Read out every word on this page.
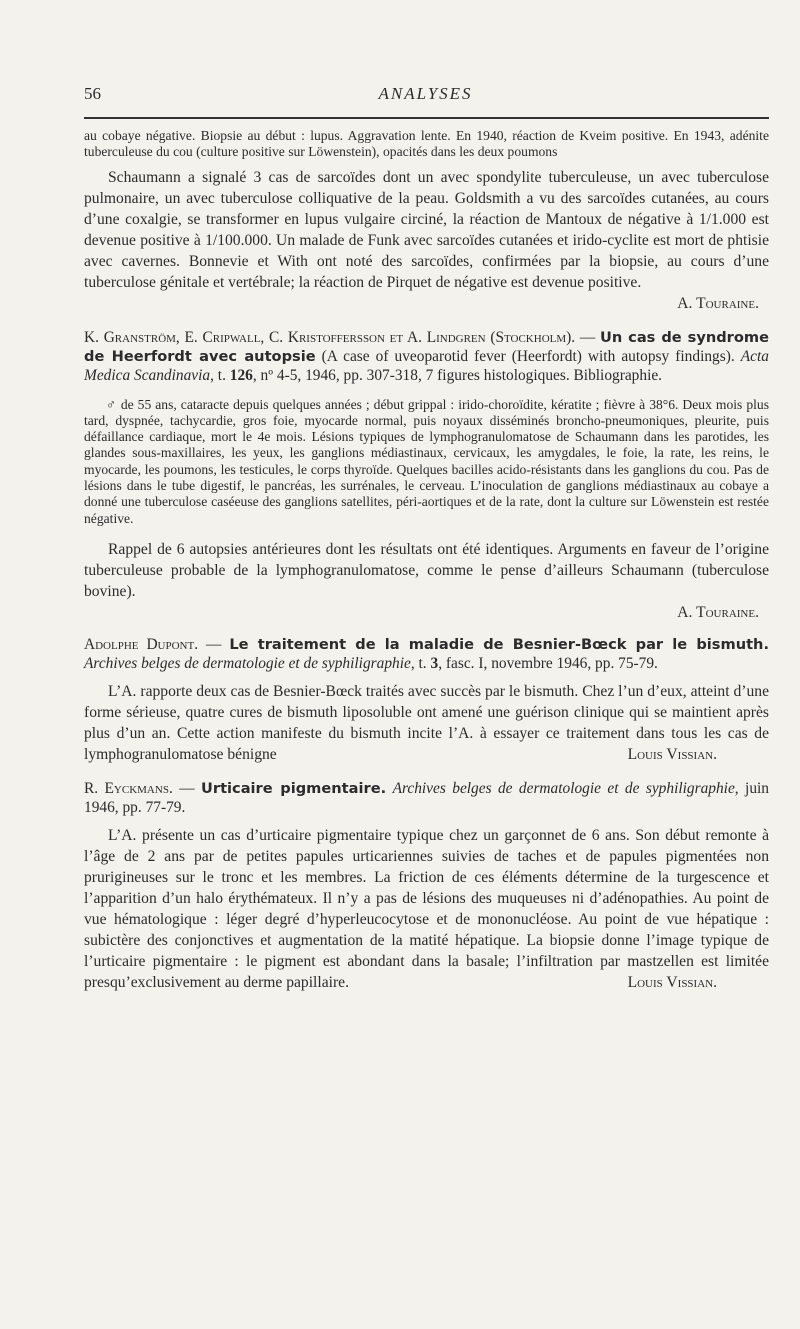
56	ANALYSES

au cobaye négative. Biopsie au début : lupus. Aggravation lente. En 1940, réaction de Kveim positive. En 1943, adénite tuberculeuse du cou (culture positive sur Löwenstein), opacités dans les deux poumons

Schaumann a signalé 3 cas de sarcoïdes dont un avec spondylite tuberculeuse, un avec tuberculose pulmonaire, un avec tuberculose colliquative de la peau. Goldsmith a vu des sarcoïdes cutanées, au cours d’une coxalgie, se transformer en lupus vulgaire circiné, la réaction de Mantoux de négative à 1/1.000 est devenue positive à 1/100.000. Un malade de Funk avec sarcoïdes cutanées et irido-cyclite est mort de phtisie avec cavernes. Bonnevie et With ont noté des sarcoïdes, confirmées par la biopsie, au cours d’une tuberculose génitale et vertébrale; la réaction de Pirquet de négative est devenue positive.

A. Touraine.

K. Granström, E. Cripwall, C. Kristoffersson et A. Lindgren (Stockholm). — Un cas de syndrome de Heerfordt avec autopsie (A case of uveoparotid fever (Heerfordt) with autopsy findings). Acta Medica Scandinavia, t. 126, nº 4-5, 1946, pp. 307-318, 7 figures histologiques. Bibliographie.

♂ de 55 ans, cataracte depuis quelques années ; début grippal : irido-choroïdite, kératite ; fièvre à 38°6. Deux mois plus tard, dyspnée, tachycardie, gros foie, myocarde normal, puis noyaux disséminés broncho-pneumoniques, pleurite, puis défaillance cardiaque, mort le 4e mois. Lésions typiques de lymphogranulomatose de Schaumann dans les parotides, les glandes sous-maxillaires, les yeux, les ganglions médiastinaux, cervicaux, les amygdales, le foie, la rate, les reins, le myocarde, les poumons, les testicules, le corps thyroïde. Quelques bacilles acido-résistants dans les ganglions du cou. Pas de lésions dans le tube digestif, le pancréas, les surrénales, le cerveau. L’inoculation de ganglions médiastinaux au cobaye a donné une tuberculose caséeuse des ganglions satellites, péri-aortiques et de la rate, dont la culture sur Löwenstein est restée négative.

Rappel de 6 autopsies antérieures dont les résultats ont été identiques. Arguments en faveur de l’origine tuberculeuse probable de la lymphogranulomatose, comme le pense d’ailleurs Schaumann (tuberculose bovine).

A. Touraine.

Adolphe Dupont. — Le traitement de la maladie de Besnier-Bœck par le bismuth. Archives belges de dermatologie et de syphiligraphie, t. 3, fasc. I, novembre 1946, pp. 75-79.

L’A. rapporte deux cas de Besnier-Bœck traités avec succès par le bismuth. Chez l’un d’eux, atteint d’une forme sérieuse, quatre cures de bismuth liposoluble ont amené une guérison clinique qui se maintient après plus d’un an. Cette action manifeste du bismuth incite l’A. à essayer ce traitement dans tous les cas de lymphogranulomatose bénigne	Louis Vissian.

R. Eyckmans. — Urticaire pigmentaire. Archives belges de dermatologie et de syphiligraphie, juin 1946, pp. 77-79.

L’A. présente un cas d’urticaire pigmentaire typique chez un garçonnet de 6 ans. Son début remonte à l’âge de 2 ans par de petites papules urticariennes suivies de taches et de papules pigmentées non prurigineuses sur le tronc et les membres. La friction de ces éléments détermine de la turgescence et l’apparition d’un halo érythémateux. Il n’y a pas de lésions des muqueuses ni d’adénopathies. Au point de vue hématologique : léger degré d’hyperleucocytose et de mononucléose. Au point de vue hépatique : subictère des conjonctives et augmentation de la matité hépatique. La biopsie donne l’image typique de l’urticaire pigmentaire : le pigment est abondant dans la basale; l’infiltration par mastzellen est limitée presqu’exclusivement au derme papillaire.	Louis Vissian.
